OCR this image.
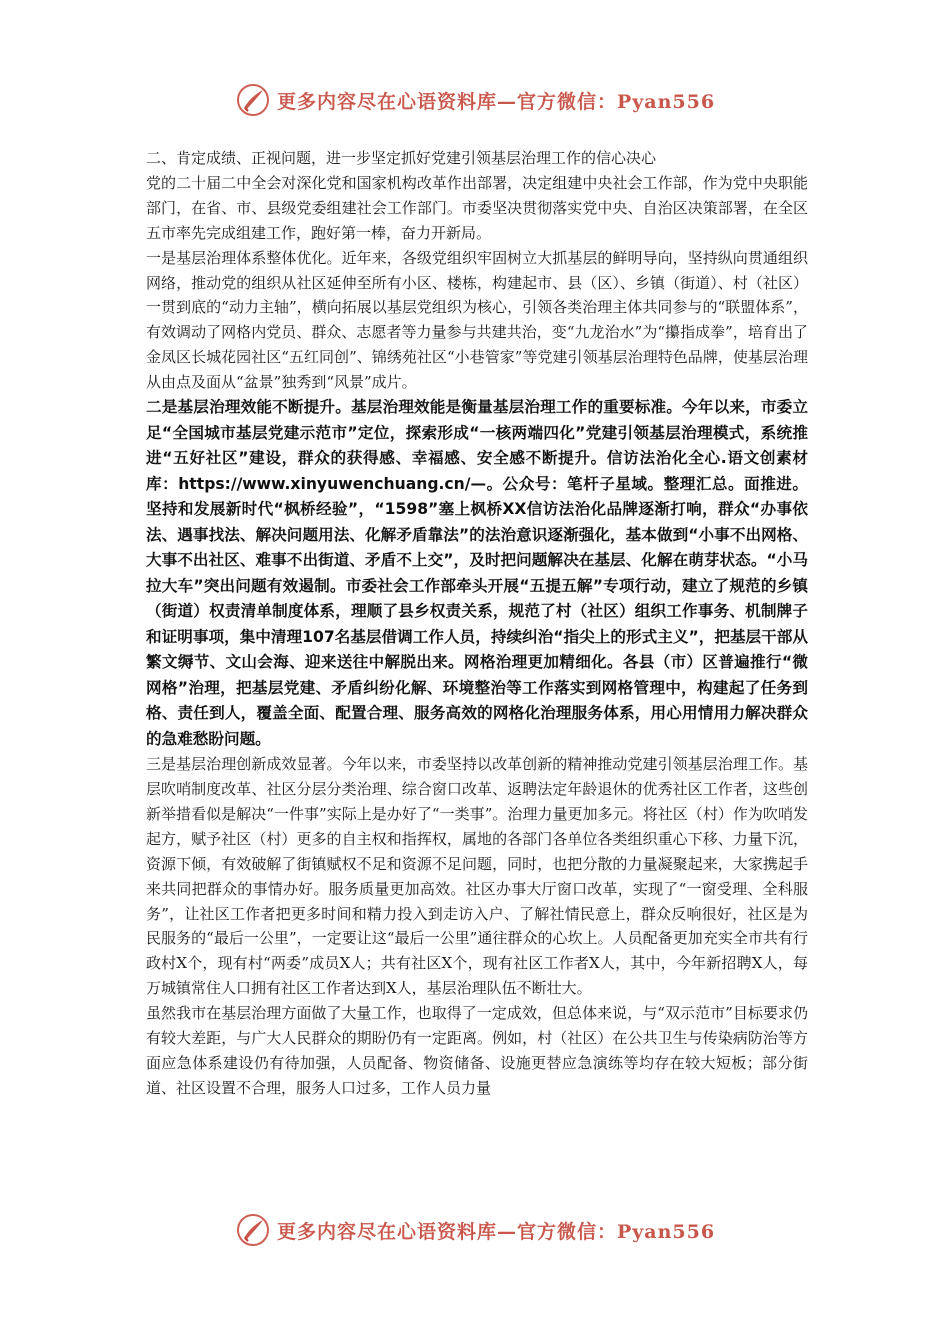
更多内容尽在心语资料库—官方微信：Pyan556

二、肯定成绩、正视问题，进一步坚定抓好党建引领基层治理工作的信心决心

党的二十届二中全会对深化党和国家机构改革作出部署，决定组建中央社会工作部，作为党中央职能部门，在省、市、县级党委组建社会工作部门。市委坚决贯彻落实党中央、自治区决策部署，在全区五市率先完成组建工作，跑好第一棒，奋力开新局。

一是基层治理体系整体优化。近年来，各级党组织牢固树立大抓基层的鲜明导向，坚持纵向贯通组织网络，推动党的组织从社区延伸至所有小区、楼栋，构建起市、县（区）、乡镇（街道）、村（社区）一贯到底的“动力主轴”，横向拓展以基层党组织为核心，引领各类治理主体共同参与的“联盟体系”，有效调动了网格内党员、群众、志愿者等力量参与共建共治，变“九龙治水”为“攥指成拳”，培育出了金凤区长城花园社区“五红同创”、锦绣苑社区“小巷管家”等党建引领基层治理特色品牌，使基层治理从由点及面从“盆景”独秀到“风景”成片。

二是基层治理效能不断提升。基层治理效能是衡量基层治理工作的重要标准。今年以来，市委立足“全国城市基层党建示范市”定位，探索形成“一核两端四化”党建引领基层治理模式，系统推进“五好社区”建设，群众的获得感、幸福感、安全感不断提升。信访法治化全心.语文创素材库：https://www.xinyuwenchuang.cn/—。公众号：笔杆子星域。整理汇总。面推进。坚持和发展新时代“枫桥经验”，“1598”塞上枫桥XX信访法治化品牌逐渐打响，群众“办事依法、遇事找法、解决问题用法、化解矛盾靠法”的法治意识逐渐强化，基本做到“小事不出网格、大事不出社区、难事不出街道、矛盾不上交”，及时把问题解决在基层、化解在萌芽状态。“小马拉大车”突出问题有效遏制。市委社会工作部牵头开展“五提五解”专项行动，建立了规范的乡镇（街道）权责清单制度体系，理顺了县乡权责关系，规范了村（社区）组织工作事务、机制牌子和证明事项，集中清理107名基层借调工作人员，持续纠治“指尖上的形式主义”，把基层干部从繁文缛节、文山会海、迎来送往中解脱出来。网格治理更加精细化。各县（市）区普遍推行“微网格”治理，把基层党建、矛盾纠纷化解、环境整治等工作落实到网格管理中，构建起了任务到格、责任到人，覆盖全面、配置合理、服务高效的网格化治理服务体系，用心用情用力解决群众的急难愁盼问题。

三是基层治理创新成效显著。今年以来，市委坚持以改革创新的精神推动党建引领基层治理工作。基层吹哨制度改革、社区分层分类治理、综合窗口改革、返聘法定年龄退休的优秀社区工作者，这些创新举措看似是解决“一件事”实际上是办好了“一类事”。治理力量更加多元。将社区（村）作为吹哨发起方，赋予社区（村）更多的自主权和指挥权，属地的各部门各单位各类组织重心下移、力量下沉，资源下倾，有效破解了街镇赋权不足和资源不足问题，同时，也把分散的力量凝聚起来，大家携起手来共同把群众的事情办好。服务质量更加高效。社区办事大厅窗口改革，实现了“一窗受理、全科服务”，让社区工作者把更多时间和精力投入到走访入户、了解社情民意上，群众反响很好，社区是为民服务的“最后一公里”，一定要让这“最后一公里”通往群众的心坎上。人员配备更加充实全市共有行政村X个，现有村“两委”成员X人；共有社区X个，现有社区工作者X人，其中，今年新招聘X人，每万城镇常住人口拥有社区工作者达到X人，基层治理队伍不断壮大。

虽然我市在基层治理方面做了大量工作，也取得了一定成效，但总体来说，与“双示范市”目标要求仍有较大差距，与广大人民群众的期盼仍有一定距离。例如，村（社区）在公共卫生与传染病防治等方面应急体系建设仍有待加强，人员配备、物资储备、设施更替应急演练等均存在较大短板；部分街道、社区设置不合理，服务人口过多，工作人员力量

更多内容尽在心语资料库—官方微信：Pyan556
